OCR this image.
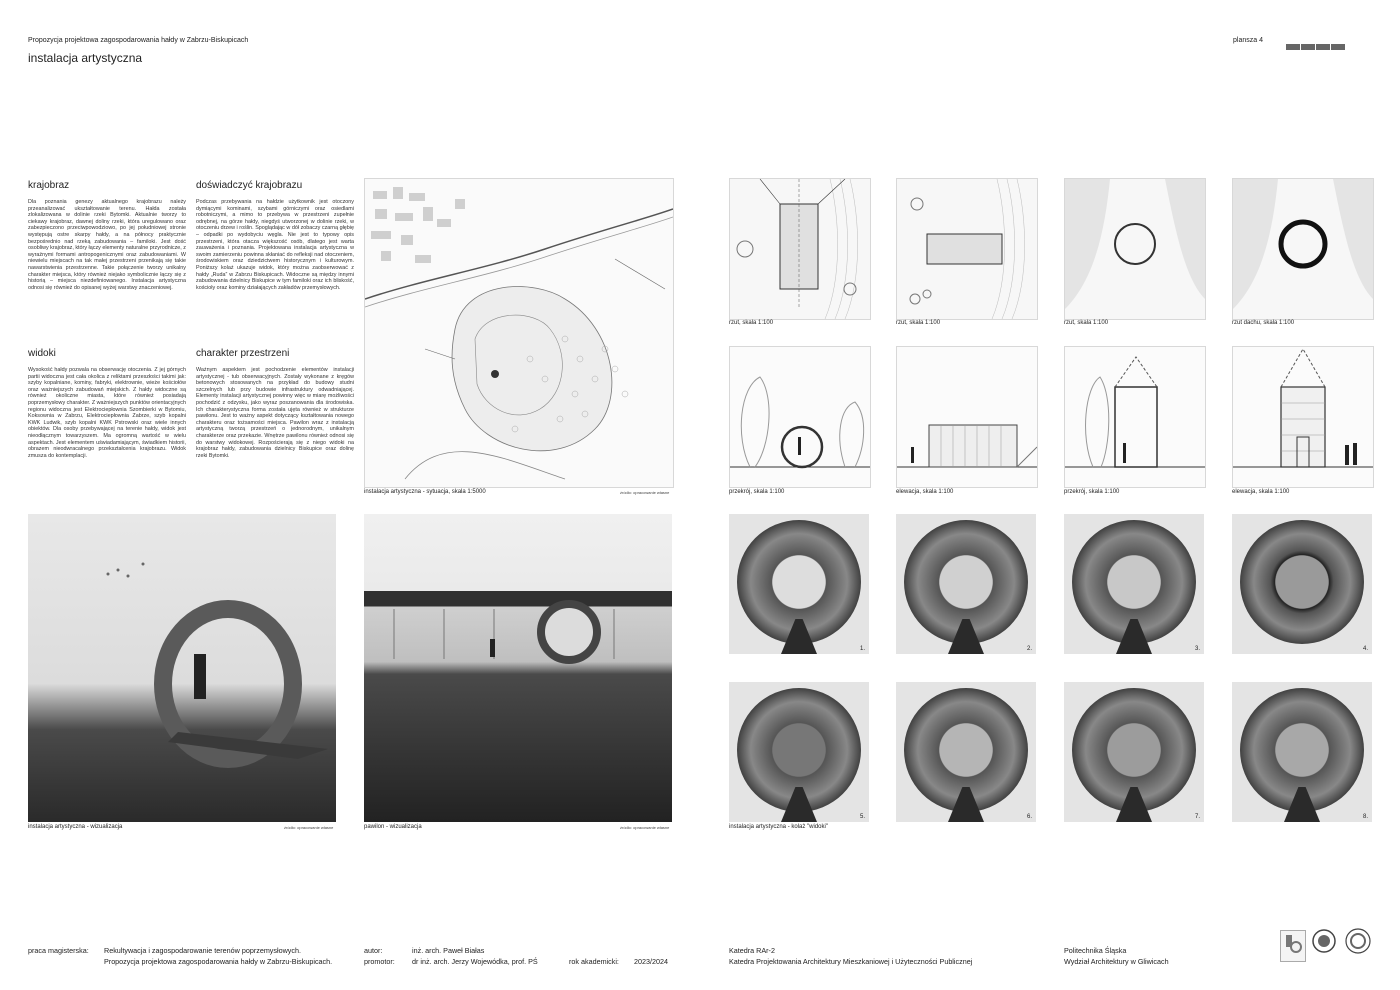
Propozycja projektowa zagospodarowania hałdy w Zabrzu-Biskupicach
instalacja artystyczna
plansza 4
krajobraz
Dla poznania genezy aktualnego krajobrazu należy przeanalizować ukształtowanie terenu. Hałda została zlokalizowana w dolinie rzeki Bytomki. Aktualnie tworzy to ciekawy krajobraz, dawnej doliny rzeki, która uregulowano oraz zabezpieczono przeciwpowodziowo, po jej południowej stronie występują ostre skarpy hałdy, a na północy praktycznie bezpośrednio nad rzeką zabudowania – familoki. Jest dość osobliwy krajobraz, który łączy elementy naturalne przyrodnicze, z wyraźnymi formami antropogenicznymi oraz zabudowaniami. W niewielu miejscach na tak małej przestrzeni przenikają się takie nawarstwienia przestrzenne. Takie połączenie tworzy unikalny charakter miejsca, który również niejako symbolicznie łączy się z historią – miejsca niezdefiniowanego. Instalacja artystyczna odnosi się również do opisanej wyżej warstwy znaczeniowej.
doświadczyć krajobrazu
Podczas przebywania na hałdzie użytkownik jest otoczony dymiącymi kominami, szybami górniczymi oraz osiedlami robotniczymi, a mimo to przebywa w przestrzeni zupełnie odrębnej, na górze hałdy, niegdyś utworzonej w dolinie rzeki, w otoczeniu drzew i roślin. Spoglądając w dół zobaczy czarną głębię – odpadki po wydobyciu węgla. Nie jest to typowy opis przestrzeni, która otacza większość osób, dlatego jest warta zauważenia i poznania. Projektowana instalacja artystyczna w swoim zamierzeniu powinna skłaniać do refleksji nad otoczeniem, środowiskiem oraz dziedzictwem historycznym i kulturowym. Poniższy kolaż ukazuje widok, który można zaobserwować z hałdy „Ruda” w Zabrzu Biskupicach. Widoczne są między innymi zabudowania dzielnicy Biskupice w tym familoki oraz ich bliskość, kościoły oraz kominy działających zakładów przemysłowych.
widoki
Wysokość hałdy pozwala na obserwację otoczenia. Z jej górnych partii widoczna jest cała okolica z reliktami przeszłości takimi jak: szyby kopalniane, kominy, fabryki, elektrownie, wieże kościołów oraz ważniejszych zabudowań miejskich. Z hałdy widoczne są również okoliczne miasta, które również posiadają poprzemysłowy charakter. Z ważniejszych punktów orientacyjnych regionu widoczna jest Elektrociepłownia Szombierki w Bytomiu, Koksownia w Zabrzu, Elektrociepłownia Zabrze, szyb kopalni KWK Ludwik, szyb kopalni KWK Pstrowski oraz wiele innych obiektów. Dla osoby przebywającej na terenie hałdy, widok jest nieodłącznym towarzyszem. Ma ogromną wartość w wielu aspektach. Jest elementem uświadamiającym, świadkiem historii, obrazem nieodwracalnego przekształcenia krajobrazu. Widok zmusza do kontemplacji.
charakter przestrzeni
Ważnym aspektem jest pochodzenie elementów instalacji artystycznej - tub obserwacyjnych. Zostały wykonane z kręgów betonowych stosowanych na przykład do budowy studni szczelnych lub przy budowie infrastruktury odwadniającej. Elementy instalacji artystycznej powinny więc w miarę możliwości pochodzić z odzysku, jako wyraz poszanowania dla środowiska. Ich charakterystyczna forma została ujęta również w strukturze pawilonu. Jest to ważny aspekt dotyczący kształtowania nowego charakteru oraz tożsamości miejsca. Pawilon wraz z instalacją artystyczną tworzą przestrzeń o jednorodnym, unikalnym charakterze oraz przekazie. Wnętrze pawilonu również odnosi się do warstwy widokowej. Rozpościerają się z niego widoki na krajobraz hałdy, zabudowania dzielnicy Biskupice oraz dolinę rzeki Bytomki.
instalacja artystyczna - sytuacja, skala 1:5000	źródło: opracowanie własne
rzut, skala 1:100	rzut, skala 1:100	rzut, skala 1:100	rzut dachu, skala 1:100
przekrój, skala 1:100	elewacja, skala 1:100	przekrój, skala 1:100	elewacja, skala 1:100
instalacja artystyczna - wizualizacja	pawilon - wizualizacja
źródło: opracowanie własne	źródło: opracowanie własne
1.	2.	3.	4.
5.	6.	7.	8.
instalacja artystyczna - kolaż "widoki"
praca magisterska: Rekultywacja i zagospodarowanie terenów poprzemysłowych.
Propozycja projektowa zagospodarowania hałdy w Zabrzu-Biskupicach.
autor:	inż. arch. Paweł Białas
promotor: dr inż. arch. Jerzy Wojewódka, prof. PŚ	rok akademicki: 2023/2024
Katedra RAr-2
Katedra Projektowania Architektury Mieszkaniowej i Użyteczności Publicznej
Politechnika Śląska
Wydział Architektury w Gliwicach
